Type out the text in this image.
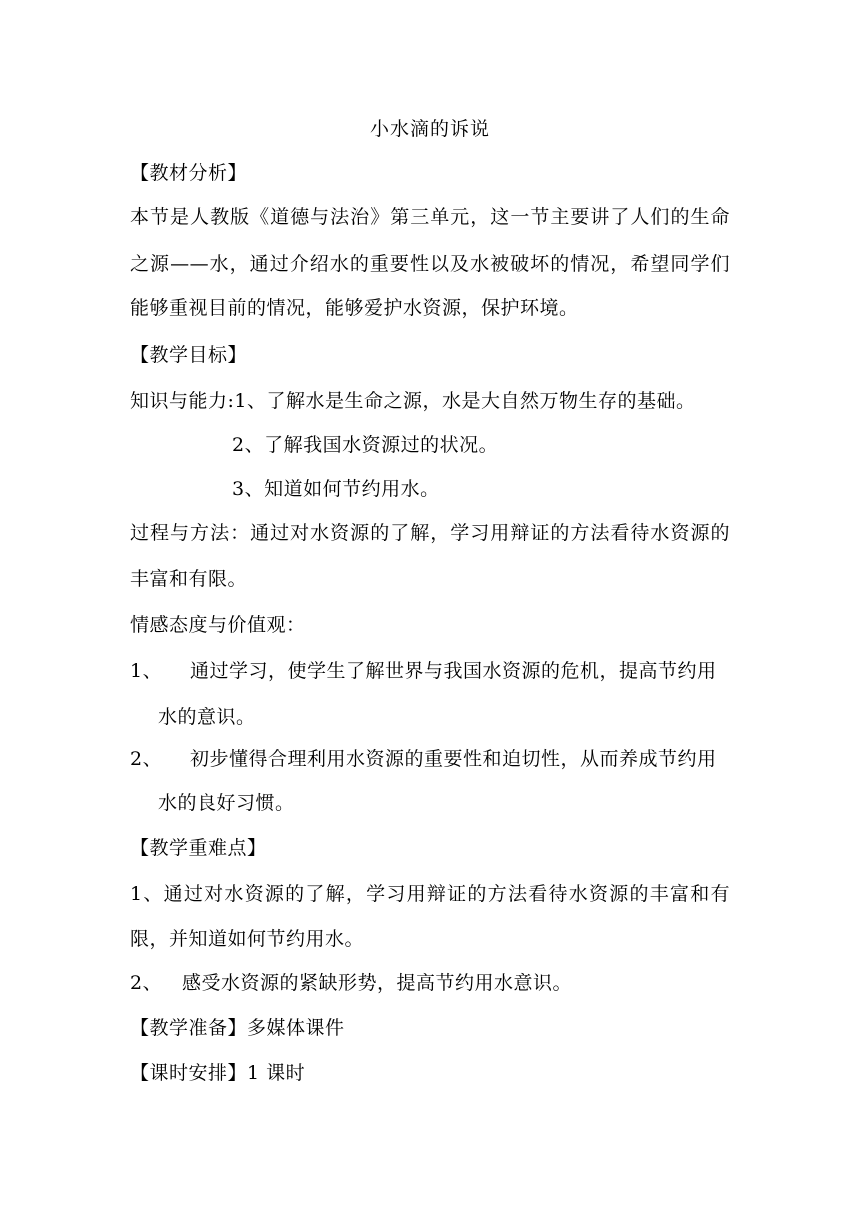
小水滴的诉说
【教材分析】
本节是人教版《道德与法治》第三单元，这一节主要讲了人们的生命
之源——水，通过介绍水的重要性以及水被破坏的情况，希望同学们
能够重视目前的情况，能够爱护水资源，保护环境。
【教学目标】
知识与能力:1、了解水是生命之源，水是大自然万物生存的基础。
2、了解我国水资源过的状况。
3、知道如何节约用水。
过程与方法：通过对水资源的了解，学习用辩证的方法看待水资源的
丰富和有限。
情感态度与价值观：
1、 通过学习，使学生了解世界与我国水资源的危机，提高节约用
水的意识。
2、 初步懂得合理利用水资源的重要性和迫切性，从而养成节约用
水的良好习惯。
【教学重难点】
1、通过对水资源的了解，学习用辩证的方法看待水资源的丰富和有
限，并知道如何节约用水。
2、 感受水资源的紧缺形势，提高节约用水意识。
【教学准备】多媒体课件
【课时安排】1 课时
